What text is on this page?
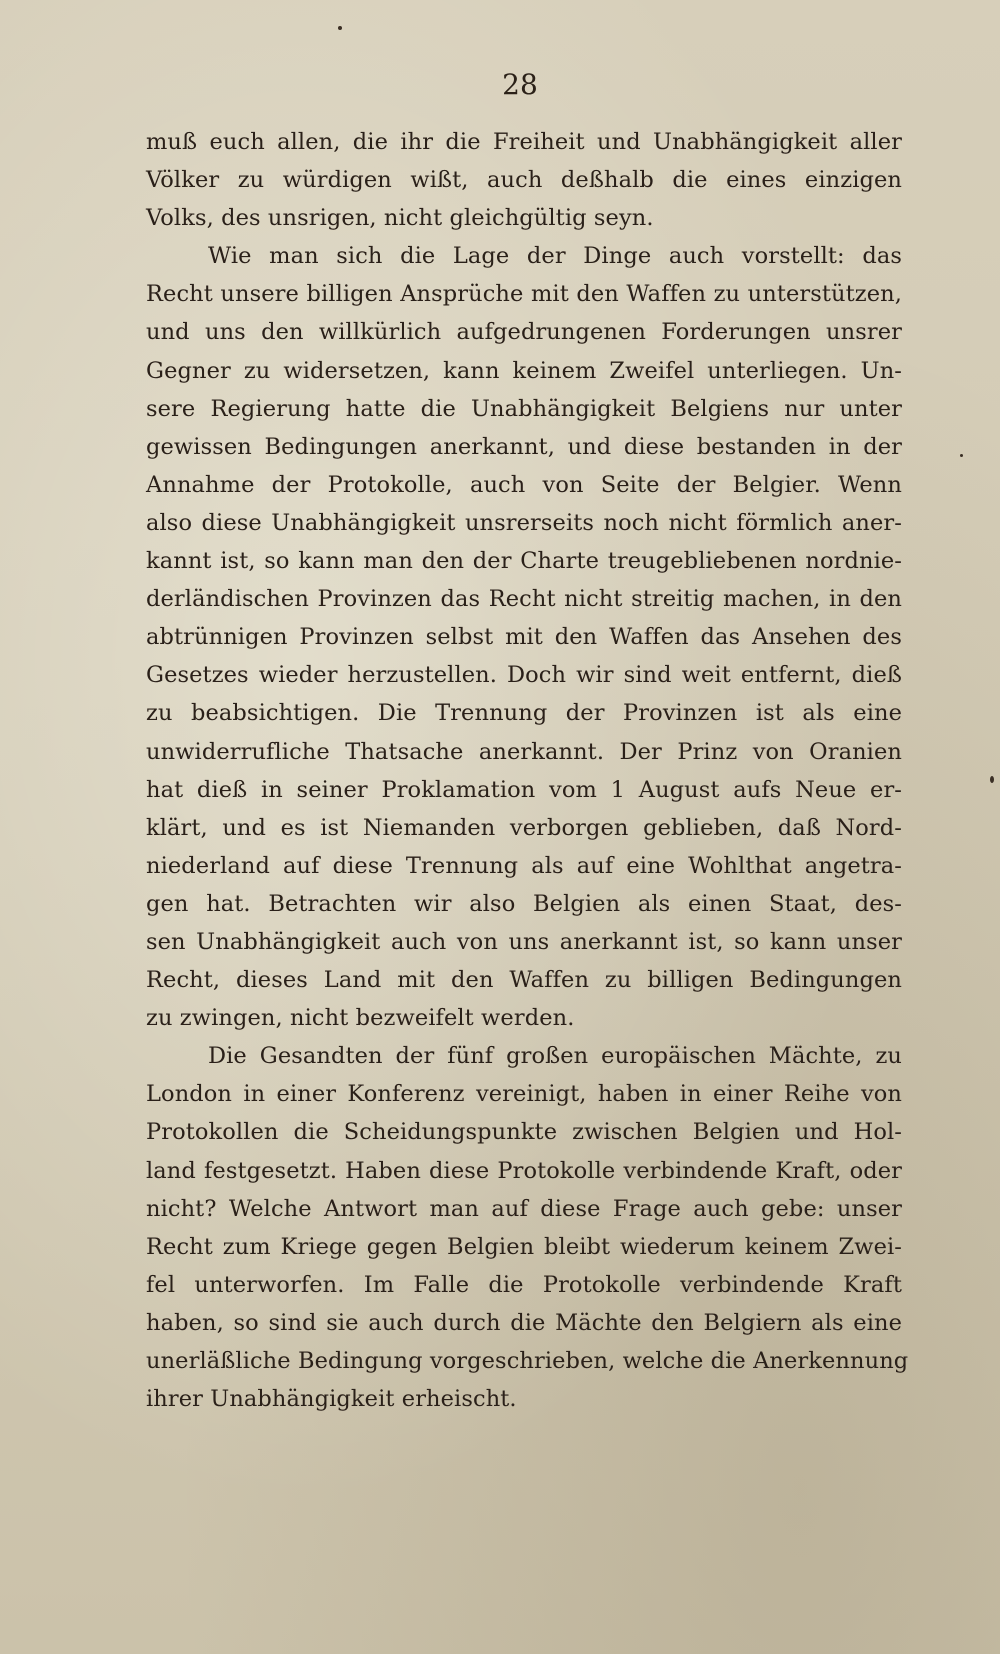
28
muß euch allen, die ihr die Freiheit und Unabhängigkeit aller
Völker zu würdigen wißt, auch deßhalb die eines einzigen
Volks, des unsrigen, nicht gleichgültig seyn.
Wie man sich die Lage der Dinge auch vorstellt: das
Recht unsere billigen Ansprüche mit den Waffen zu unterstützen,
und uns den willkürlich aufgedrungenen Forderungen unsrer
Gegner zu widersetzen, kann keinem Zweifel unterliegen. Un-
sere Regierung hatte die Unabhängigkeit Belgiens nur unter
gewissen Bedingungen anerkannt, und diese bestanden in der
Annahme der Protokolle, auch von Seite der Belgier. Wenn
also diese Unabhängigkeit unsrerseits noch nicht förmlich aner-
kannt ist, so kann man den der Charte treugebliebenen nordnie-
derländischen Provinzen das Recht nicht streitig machen, in den
abtrünnigen Provinzen selbst mit den Waffen das Ansehen des
Gesetzes wieder herzustellen. Doch wir sind weit entfernt, dieß
zu beabsichtigen. Die Trennung der Provinzen ist als eine
unwiderrufliche Thatsache anerkannt. Der Prinz von Oranien
hat dieß in seiner Proklamation vom 1 August aufs Neue er-
klärt, und es ist Niemanden verborgen geblieben, daß Nord-
niederland auf diese Trennung als auf eine Wohlthat angetra-
gen hat. Betrachten wir also Belgien als einen Staat, des-
sen Unabhängigkeit auch von uns anerkannt ist, so kann unser
Recht, dieses Land mit den Waffen zu billigen Bedingungen
zu zwingen, nicht bezweifelt werden.
Die Gesandten der fünf großen europäischen Mächte, zu
London in einer Konferenz vereinigt, haben in einer Reihe von
Protokollen die Scheidungspunkte zwischen Belgien und Hol-
land festgesetzt. Haben diese Protokolle verbindende Kraft, oder
nicht? Welche Antwort man auf diese Frage auch gebe: unser
Recht zum Kriege gegen Belgien bleibt wiederum keinem Zwei-
fel unterworfen. Im Falle die Protokolle verbindende Kraft
haben, so sind sie auch durch die Mächte den Belgiern als eine
unerläßliche Bedingung vorgeschrieben, welche die Anerkennung
ihrer Unabhängigkeit erheischt.
